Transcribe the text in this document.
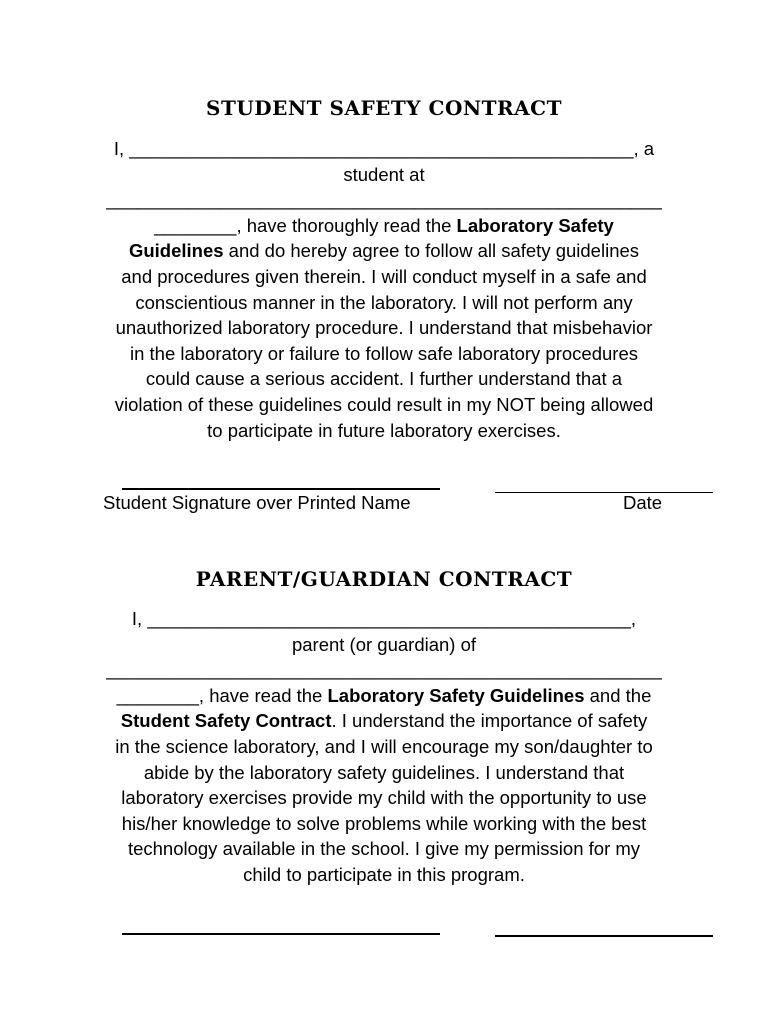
STUDENT SAFETY CONTRACT
I, _________________________________________________, a
student at
______________________________________________________
________, have thoroughly read the Laboratory Safety
Guidelines and do hereby agree to follow all safety guidelines
and procedures given therein. I will conduct myself in a safe and
conscientious manner in the laboratory. I will not perform any
unauthorized laboratory procedure. I understand that misbehavior
in the laboratory or failure to follow safe laboratory procedures
could cause a serious accident. I further understand that a
violation of these guidelines could result in my NOT being allowed
to participate in future laboratory exercises.
Student Signature over Printed Name	Date
PARENT/GUARDIAN CONTRACT
I, _______________________________________________,
parent (or guardian) of
______________________________________________________
________, have read the Laboratory Safety Guidelines and the
Student Safety Contract. I understand the importance of safety
in the science laboratory, and I will encourage my son/daughter to
abide by the laboratory safety guidelines. I understand that
laboratory exercises provide my child with the opportunity to use
his/her knowledge to solve problems while working with the best
technology available in the school. I give my permission for my
child to participate in this program.
